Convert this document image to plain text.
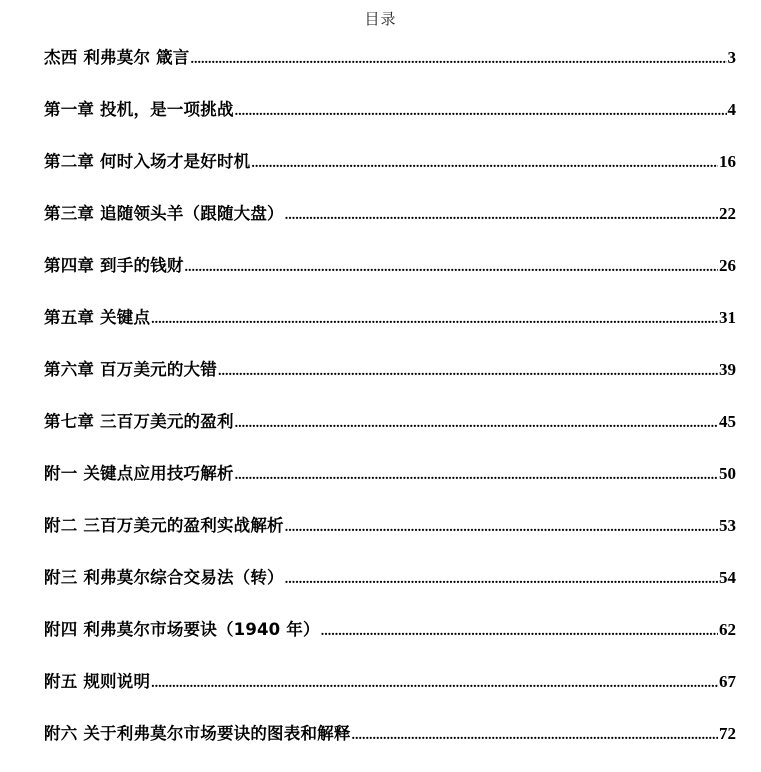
目录
杰西 利弗莫尔 箴言 .....	3
第一章 投机，是一项挑战 .....	4
第二章 何时入场才是好时机 .....	16
第三章 追随领头羊（跟随大盘） .....	22
第四章 到手的钱财 .....	26
第五章 关键点 .....	31
第六章 百万美元的大错 .....	39
第七章 三百万美元的盈利 .....	45
附一 关键点应用技巧解析 .....	50
附二 三百万美元的盈利实战解析 .....	53
附三 利弗莫尔综合交易法（转） .....	54
附四 利弗莫尔市场要诀（1940 年） .....	62
附五 规则说明 .....	67
附六 关于利弗莫尔市场要诀的图表和解释 .....	72
